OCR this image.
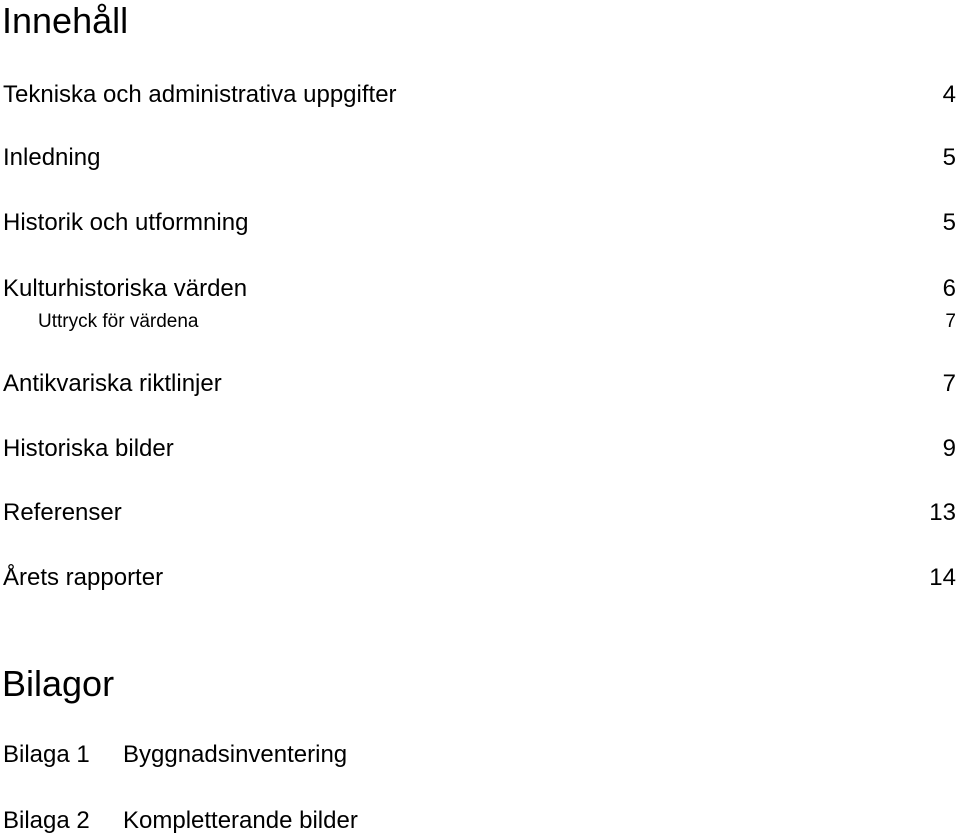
Innehåll
Tekniska och administrativa uppgifter	4
Inledning	5
Historik och utformning	5
Kulturhistoriska värden	6
Uttryck för värdena	7
Antikvariska riktlinjer	7
Historiska bilder	9
Referenser	13
Årets rapporter	14
Bilagor
Bilaga 1 Byggnadsinventering
Bilaga 2 Kompletterande bilder
